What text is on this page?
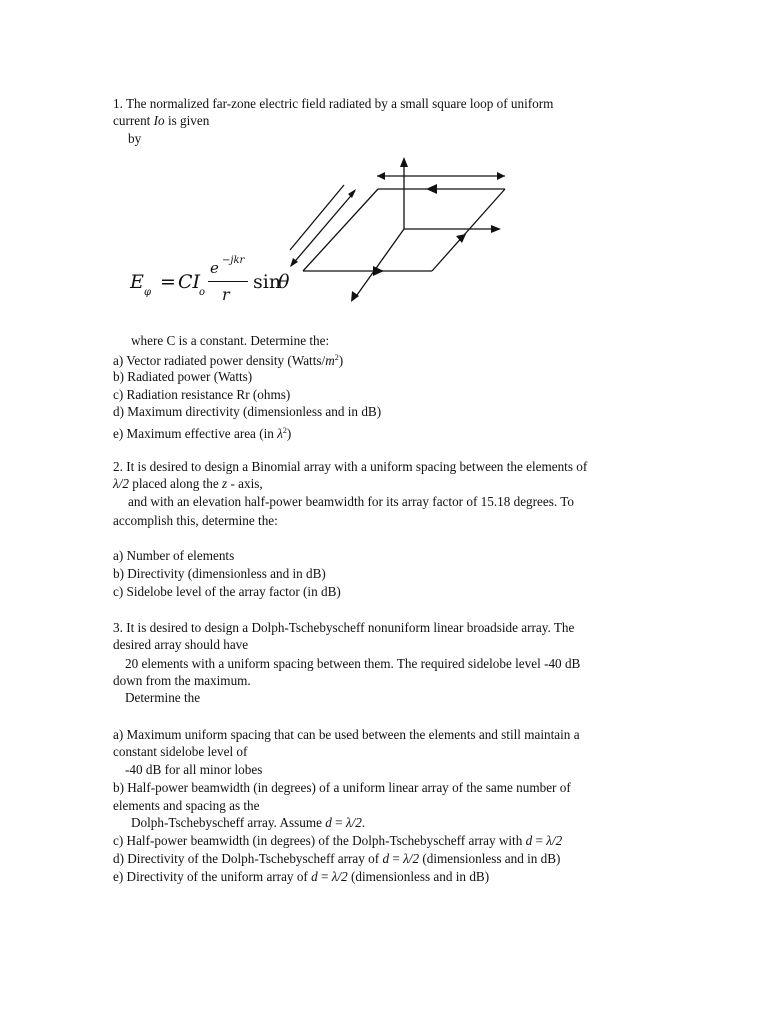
1. The normalized far-zone electric field radiated by a small square loop of uniform
current Io is given
by
E φ = CI
o
e −jkr
r
sin
θ
where C is a constant. Determine the:
a) Vector radiated power density $(Watts/m^2)$
b) Radiated power (Watts)
c) Radiation resistance Rr (ohms)
d) Maximum directivity (dimensionless and in dB)
e) Maximum effective area (in $\lambda^2$)
2. It is desired to design a Binomial array with a uniform spacing between the elements of
λ/2 placed along the z - axis,
and with an elevation half-power beamwidth for its array factor of 15.18 degrees. To
accomplish this, determine the:
a) Number of elements
b) Directivity (dimensionless and in dB)
c) Sidelobe level of the array factor (in dB)
3. It is desired to design a Dolph-Tschebyscheff nonuniform linear broadside array. The
desired array should have
20 elements with a uniform spacing between them. The required sidelobe level -40 dB
down from the maximum.
Determine the
a) Maximum uniform spacing that can be used between the elements and still maintain a
constant sidelobe level of
-40 dB for all minor lobes
b) Half-power beamwidth (in degrees) of a uniform linear array of the same number of
elements and spacing as the
Dolph-Tschebyscheff array. Assume d = λ/2.
c) Half-power beamwidth (in degrees) of the Dolph-Tschebyscheff array with d = λ/2
d) Directivity of the Dolph-Tschebyscheff array of d = λ/2 (dimensionless and in dB)
e) Directivity of the uniform array of d = λ/2 (dimensionless and in dB)
